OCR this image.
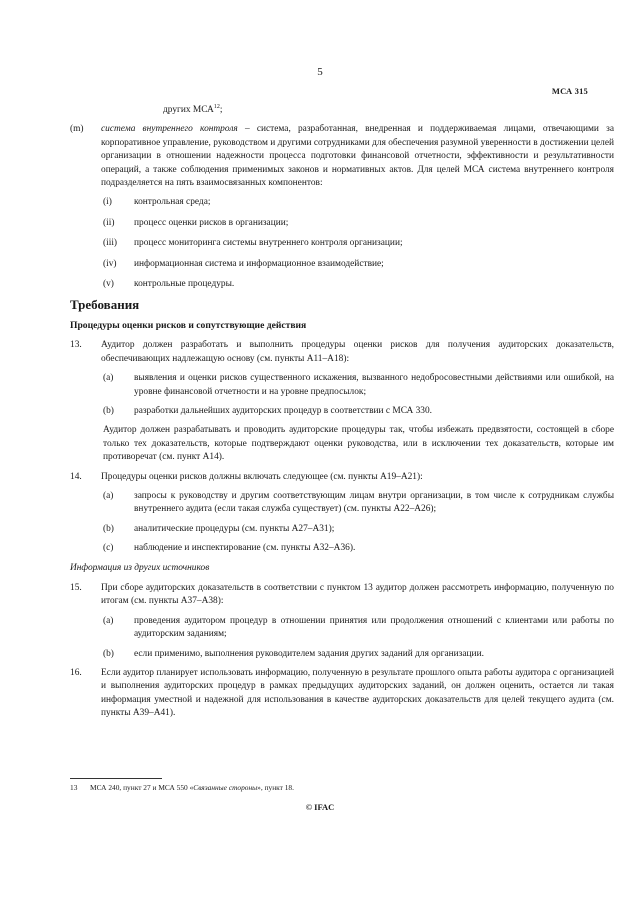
5
МСА 315
других МСА$^{12}$;
(m)	система внутреннего контроля – система, разработанная, внедренная и поддерживаемая лицами, отвечающими за корпоративное управление, руководством и другими сотрудниками для обеспечения разумной уверенности в достижении целей организации в отношении надежности процесса подготовки финансовой отчетности, эффективности и результативности операций, а также соблюдения применимых законов и нормативных актов. Для целей МСА система внутреннего контроля подразделяется на пять взаимосвязанных компонентов:
(i)	контрольная среда;
(ii)	процесс оценки рисков в организации;
(iii)	процесс мониторинга системы внутреннего контроля организации;
(iv)	информационная система и информационное взаимодействие;
(v)	контрольные процедуры.
Требования
Процедуры оценки рисков и сопутствующие действия
13.	Аудитор должен разработать и выполнить процедуры оценки рисков для получения аудиторских доказательств, обеспечивающих надлежащую основу (см. пункты A11–A18):
(a)	выявления и оценки рисков существенного искажения, вызванного недобросовестными действиями или ошибкой, на уровне финансовой отчетности и на уровне предпосылок;
(b)	разработки дальнейших аудиторских процедур в соответствии с МСА 330.
Аудитор должен разрабатывать и проводить аудиторские процедуры так, чтобы избежать предвзятости, состоящей в сборе только тех доказательств, которые подтверждают оценки руководства, или в исключении тех доказательств, которые им противоречат (см. пункт A14).
14.	Процедуры оценки рисков должны включать следующее (см. пункты A19–A21):
(a)	запросы к руководству и другим соответствующим лицам внутри организации, в том числе к сотрудникам службы внутреннего аудита (если такая служба существует) (см. пункты A22–A26);
(b)	аналитические процедуры (см. пункты A27–A31);
(c)	наблюдение и инспектирование (см. пункты A32–A36).
Информация из других источников
15.	При сборе аудиторских доказательств в соответствии с пунктом 13 аудитор должен рассмотреть информацию, полученную по итогам (см. пункты A37–A38):
(a)	проведения аудитором процедур в отношении принятия или продолжения отношений с клиентами или работы по аудиторским заданиям;
(b)	если применимо, выполнения руководителем задания других заданий для организации.
16.	Если аудитор планирует использовать информацию, полученную в результате прошлого опыта работы аудитора с организацией и выполнения аудиторских процедур в рамках предыдущих аудиторских заданий, он должен оценить, остается ли такая информация уместной и надежной для использования в качестве аудиторских доказательств для целей текущего аудита (см. пункты A39–A41).
13	МСА 240, пункт 27 и МСА 550 «Связанные стороны», пункт 18.
© IFAC
